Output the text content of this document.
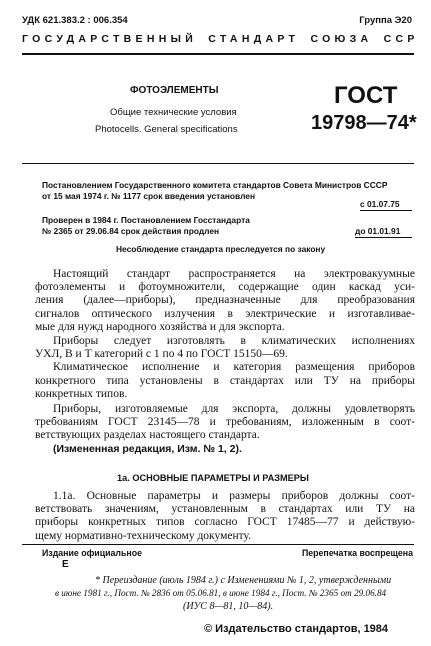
УДК 621.383.2 : 006.354	Группа Э20
ГОСУДАРСТВЕННЫЙ СТАНДАРТ СОЮЗА ССР
ФОТОЭЛЕМЕНТЫ
Общие технические условия
Photocells. General specifications
ГОСТ
19798—74*
Постановлением Государственного комитета стандартов Совета Министров СССР
от 15 мая 1974 г. № 1177 срок введения установлен
с 01.07.75
Проверен в 1984 г. Постановлением Госстандарта
№ 2365 от 29.06.84 срок действия продлен	до 01.01.91
Несоблюдение стандарта преследуется по закону
Настоящий стандарт распространяется на электровакуумные
фотоэлементы и фотоумножители, содержащие один каскад уси-
ления (далее—приборы), предназначенные для преобразования
сигналов оптического излучения в электрические и изготавливае-
мые для нужд народного хозяйства и для экспорта.
Приборы следует изготовлять в климатических исполнениях
УХЛ, В и Т категорий с 1 по 4 по ГОСТ 15150—69.
Климатическое исполнение и категория размещения приборов
конкретного типа установлены в стандартах или ТУ на приборы
конкретных типов.
Приборы, изготовляемые для экспорта, должны удовлетворять
требованиям ГОСТ 23145—78 и требованиям, изложенным в соот-
ветствующих разделах настоящего стандарта.
(Измененная редакция, Изм. № 1, 2).
1а. ОСНОВНЫЕ ПАРАМЕТРЫ И РАЗМЕРЫ
1.1а. Основные параметры и размеры приборов должны соот-
ветствовать значениям, установленным в стандартах или ТУ на
приборы конкретных типов согласно ГОСТ 17485—77 и действую-
щему нормативно-техническому документу.
Издание официальное	Перепечатка воспрещена
Е
* Переиздание (июль 1984 г.) с Изменениями № 1, 2, утвержденными
в июне 1981 г., Пост. № 2836 от 05.06.81, в июне 1984 г., Пост. № 2365 от 29.06.84
(ИУС 8—81, 10—84).
© Издательство стандартов, 1984
